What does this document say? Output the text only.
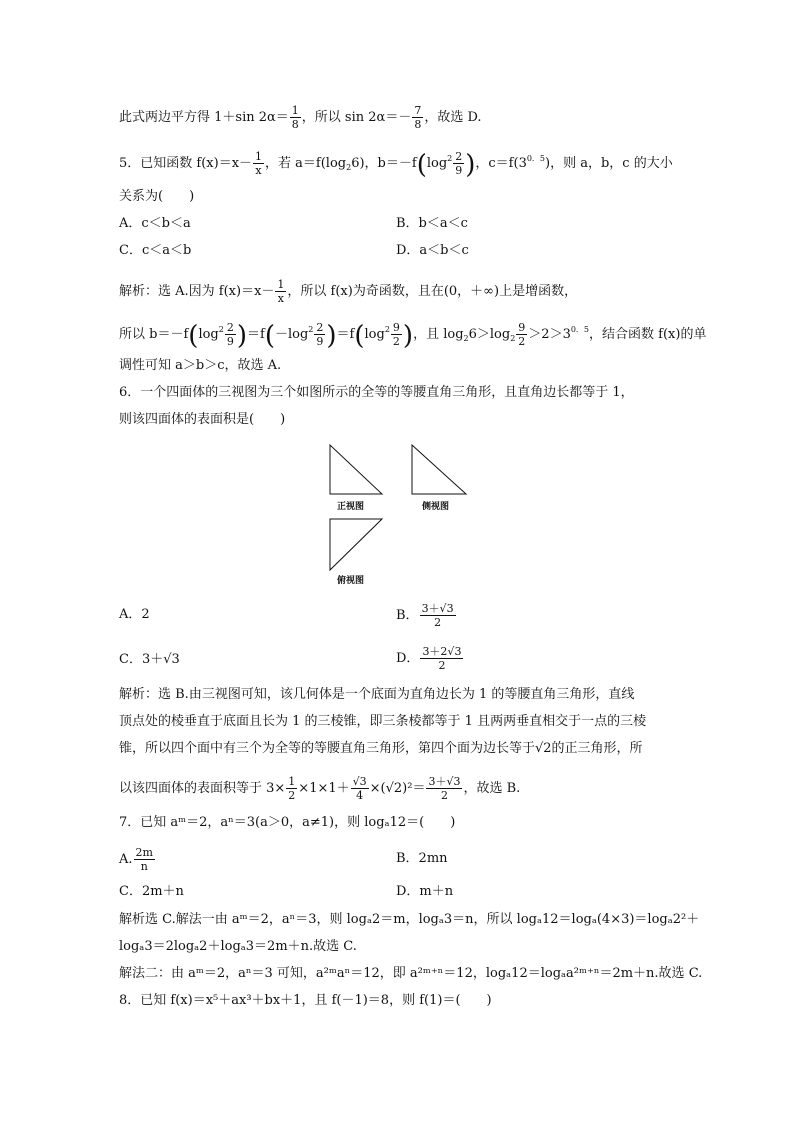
此式两边平方得 1＋sin $2\alpha= \frac{1}{8}$ ，所以 $\sin 2\alpha=- \frac{7}{8}$ ，故选 D.
5．已知函数 $f(x)=x- \frac{1}{x}$ ，若 $a=f(\log_26)$，$b=-f(\log^2 \frac{2}{9}$ )，$c=f(3^{0.5})$，则 a，b，c 的大小
关系为(　　)
A．c＜b＜a	B．b＜a＜c
C．c＜a＜b	D．a＜b＜c
解析：选 A.因为 $f(x)=x- \frac{1}{x}$ ，所以 f(x)为奇函数，且在(0，＋∞)上是增函数，
所以 $b=-f(\log^2 \frac{2}{9} )=f(-\log^2 \frac{2}{9} )=f(\log^2 \frac{9}{2}$ )，且 $\log_26>\log_2 \frac{9}{2} >2>3^{0.5}$，结合函数 f(x)的单
调性可知 a＞b＞c，故选 A.
6．一个四面体的三视图为三个如图所示的全等的等腰直角三角形，且直角边长都等于 1，
则该四面体的表面积是(　　)
正视图	侧视图
俯视图
A．2	B． $\frac{3+√3}{2}$
C．3＋√3	D． $\frac{3+2√3}{2}$
解析：选 B.由三视图可知，该几何体是一个底面为直角边长为 1 的等腰直角三角形，直线
顶点处的棱垂直于底面且长为 1 的三棱锥，即三条棱都等于 1 且两两垂直相交于一点的三棱
锥，所以四个面中有三个为全等的等腰直角三角形，第四个面为边长等于√2的正三角形，所
以该四面体的表面积等于 $3\times \frac{1}{2} \times 1\times 1+ \frac{√3}{4} \times(√2)^2= \frac{3+√3}{2}$ ，故选 B.
7．已知 aᵐ＝2，aⁿ＝3(a＞0，a≠1)，则 logₐ12＝(　　)
A. $\frac{2m}{n}$	B．2mn
C．2m＋n	D．m＋n
解析选 C.解法一由 aᵐ＝2，aⁿ＝3，则 logₐ2＝m，logₐ3＝n，所以 logₐ12＝logₐ(4×3)＝logₐ2²＋
logₐ3＝2logₐ2＋logₐ3＝2m＋n.故选 C.
解法二：由 aᵐ＝2，aⁿ＝3 可知，a²ᵐaⁿ＝12，即 a²ᵐ⁺ⁿ＝12，logₐ12＝logₐa²ᵐ⁺ⁿ＝2m＋n.故选 C.
8．已知 f(x)＝x⁵＋ax³＋bx＋1，且 f(－1)＝8，则 f(1)＝(　　)
